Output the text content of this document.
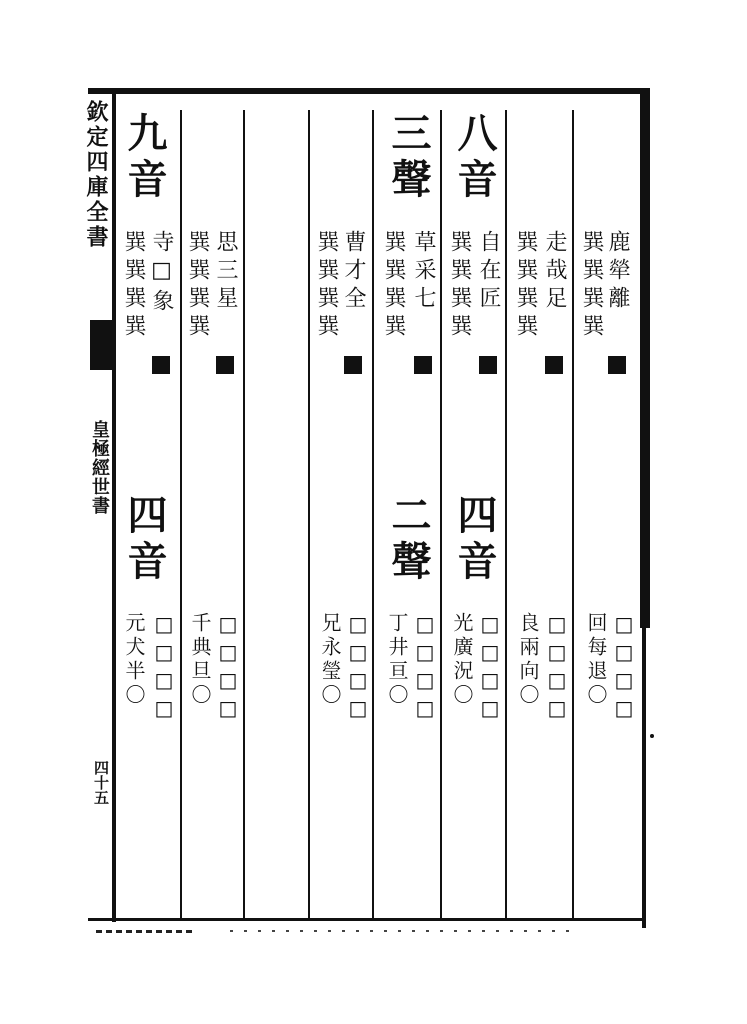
欽定四庫全書
皇極經世書
四十五
鹿犖離
巽巽巽巽
□□□□
回每退〇
走哉足
巽巽巽巽
□□□□
良兩向〇
八音
自在匠
巽巽巽巽
四音
□□□□
光廣況〇
三聲
草采七
巽巽巽巽
二聲
□□□□
丁井亘〇
曹才全
巽巽巽巽
□□□□
兄永瑩〇
思三星
巽巽巽巽
□□□□
千典旦〇
九音
寺□象
巽巽巽巽
四音
□□□□
元犬半〇
